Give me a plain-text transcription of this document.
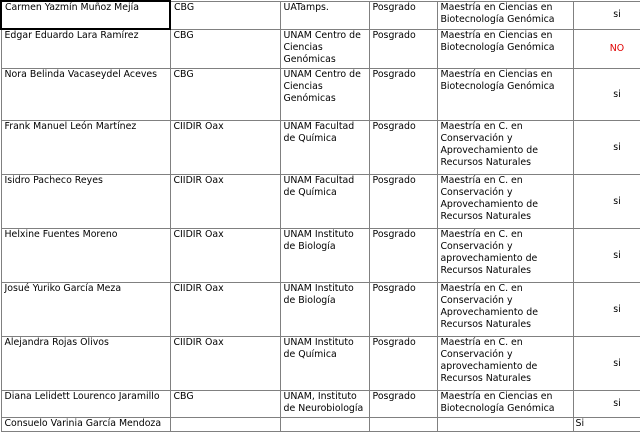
Carmen Yazmín Muñoz Mejía	CBG	UATamps.	Posgrado	Maestría en Ciencias en Biotecnología Genómica	si
Edgar Eduardo Lara Ramírez	CBG	UNAM Centro de Ciencias Genómicas	Posgrado	Maestría en Ciencias en Biotecnología Genómica	NO
Nora Belinda Vacaseydel Aceves	CBG	UNAM Centro de Ciencias Genómicas	Posgrado	Maestría en Ciencias en Biotecnología Genómica	si
Frank Manuel León Martínez	CIIDIR Oax	UNAM Facultad de Química	Posgrado	Maestría en C. en Conservación y Aprovechamiento de Recursos Naturales	si
Isidro Pacheco Reyes	CIIDIR Oax	UNAM Facultad de Química	Posgrado	Maestría en C. en Conservación y Aprovechamiento de Recursos Naturales	si
Helxine Fuentes Moreno	CIIDIR Oax	UNAM Instituto de Biología	Posgrado	Maestría en C. en Conservación y aprovechamiento de Recursos Naturales	si
Josué Yuriko García Meza	CIIDIR Oax	UNAM Instituto de Biología	Posgrado	Maestría en C. en Conservación y Aprovechamiento de Recursos Naturales	si
Alejandra Rojas Olivos	CIIDIR Oax	UNAM Instituto de Química	Posgrado	Maestría en C. en Conservación y aprovechamiento de Recursos Naturales	si
Diana Lelidett Lourenco Jaramillo	CBG	UNAM, Instituto de Neurobiología	Posgrado	Maestría en Ciencias en Biotecnología Genómica	si
Consuelo Varinia García Mendoza					Si
